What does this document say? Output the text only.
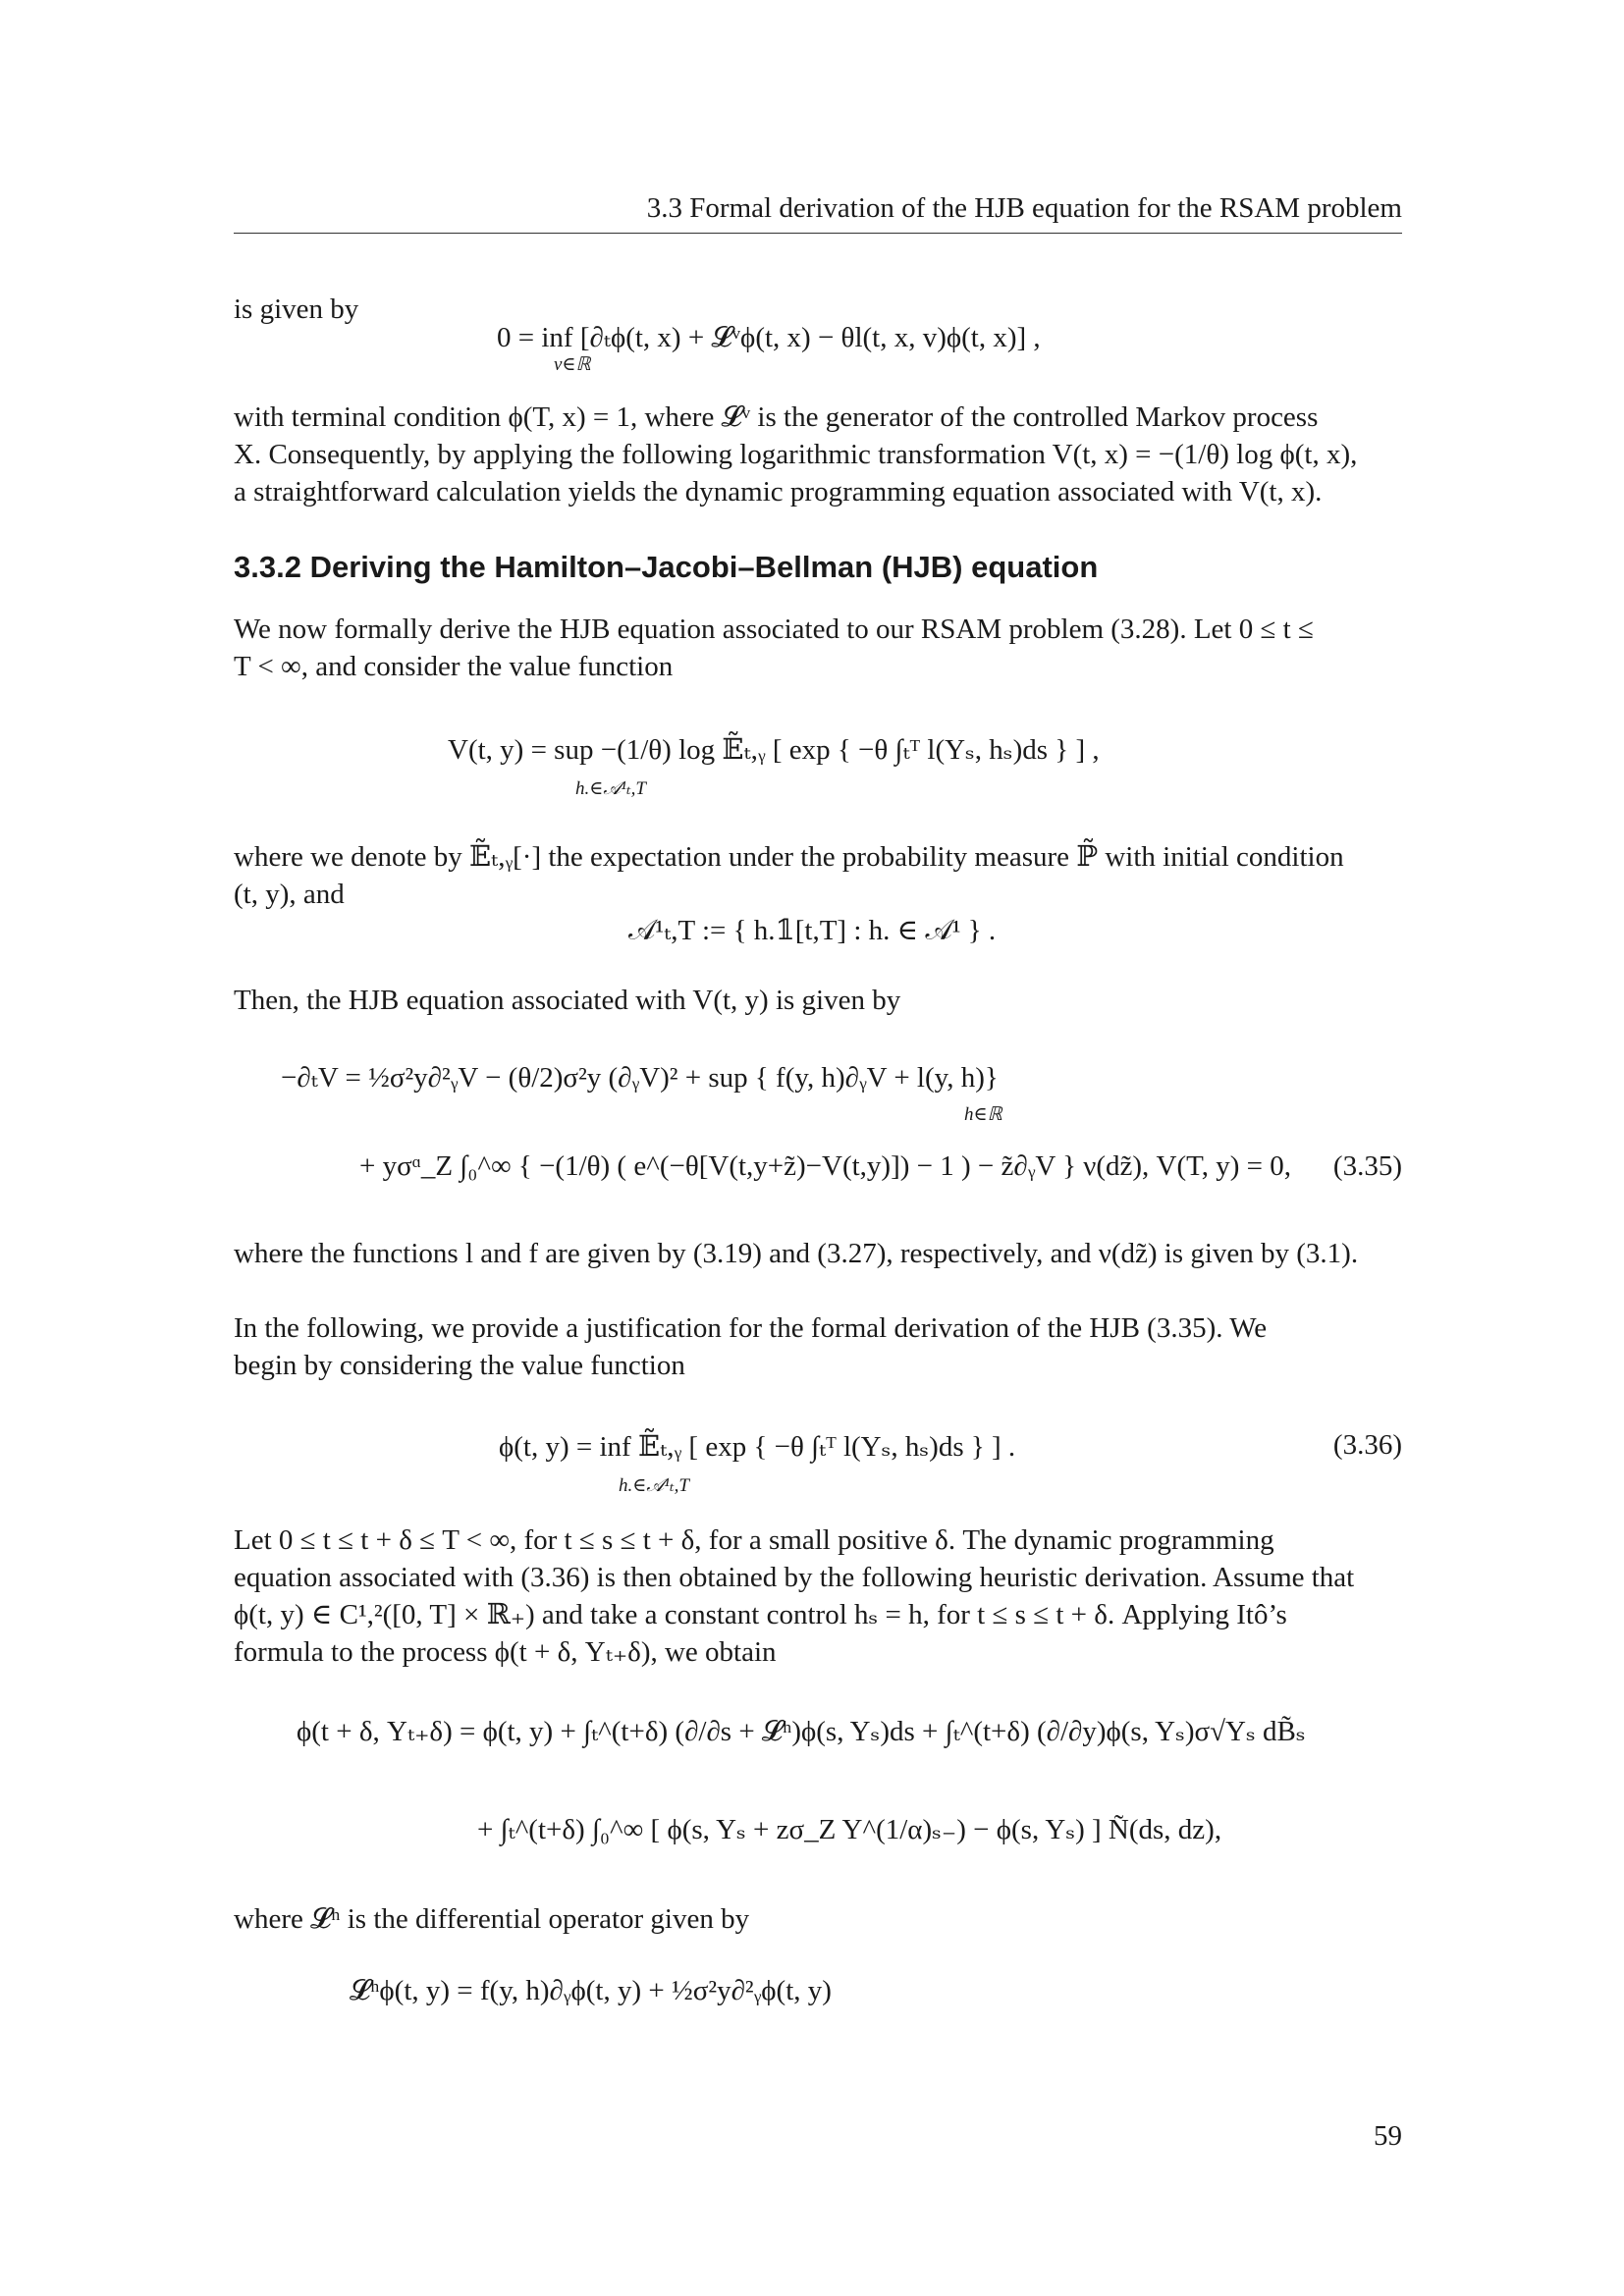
3.3 Formal derivation of the HJB equation for the RSAM problem
is given by
0 = inf [∂ₜϕ(t, x) + 𝓛ᵛϕ(t, x) − θl(t, x, v)ϕ(t, x)] ,
v∈ℝ
with terminal condition ϕ(T, x) = 1, where 𝓛ᵛ is the generator of the controlled Markov process
X. Consequently, by applying the following logarithmic transformation V(t, x) = −(1/θ) log ϕ(t, x),
a straightforward calculation yields the dynamic programming equation associated with V(t, x).
3.3.2 Deriving the Hamilton–Jacobi–Bellman (HJB) equation
We now formally derive the HJB equation associated to our RSAM problem (3.28). Let 0 ≤ t ≤
T < ∞, and consider the value function
V(t, y) = sup −(1/θ) log 𝔼̃ₜ,ᵧ [ exp { −θ ∫ₜᵀ l(Yₛ, hₛ)ds } ] ,
h.∈𝒜¹ₜ,T
where we denote by 𝔼̃ₜ,ᵧ[·] the expectation under the probability measure ℙ̃ with initial condition
(t, y), and
𝒜¹ₜ,T := { h.𝟙[t,T] : h. ∈ 𝒜¹ } .
Then, the HJB equation associated with V(t, y) is given by
−∂ₜV = ½σ²y∂²ᵧV − (θ/2)σ²y (∂ᵧV)² + sup { f(y, h)∂ᵧV + l(y, h)}
h∈ℝ
+ yσᵅ_Z ∫₀^∞ { −(1/θ) ( e^(−θ[V(t,y+z̃)−V(t,y)]) − 1 ) − z̃∂ᵧV } ν(dz̃), V(T, y) = 0, (3.35)
where the functions l and f are given by (3.19) and (3.27), respectively, and ν(dz̃) is given by (3.1).
In the following, we provide a justification for the formal derivation of the HJB (3.35). We
begin by considering the value function
ϕ(t, y) = inf 𝔼̃ₜ,ᵧ [ exp { −θ ∫ₜᵀ l(Yₛ, hₛ)ds } ] .
h.∈𝒜¹ₜ,T
(3.36)
Let 0 ≤ t ≤ t + δ ≤ T < ∞, for t ≤ s ≤ t + δ, for a small positive δ. The dynamic programming
equation associated with (3.36) is then obtained by the following heuristic derivation. Assume that
ϕ(t, y) ∈ C¹,²([0, T] × ℝ₊) and take a constant control hₛ = h, for t ≤ s ≤ t + δ. Applying Itô’s
formula to the process ϕ(t + δ, Yₜ₊δ), we obtain
ϕ(t + δ, Yₜ₊δ) = ϕ(t, y) + ∫ₜ^(t+δ) (∂/∂s + 𝓛ʰ)ϕ(s, Yₛ)ds + ∫ₜ^(t+δ) (∂/∂y)ϕ(s, Yₛ)σ√Yₛ dB̃ₛ
+ ∫ₜ^(t+δ) ∫₀^∞ [ ϕ(s, Yₛ + zσ_Z Y^(1/α)ₛ₋) − ϕ(s, Yₛ) ] Ñ(ds, dz),
where 𝓛ʰ is the differential operator given by
𝓛ʰϕ(t, y) = f(y, h)∂ᵧϕ(t, y) + ½σ²y∂²ᵧϕ(t, y)
59
